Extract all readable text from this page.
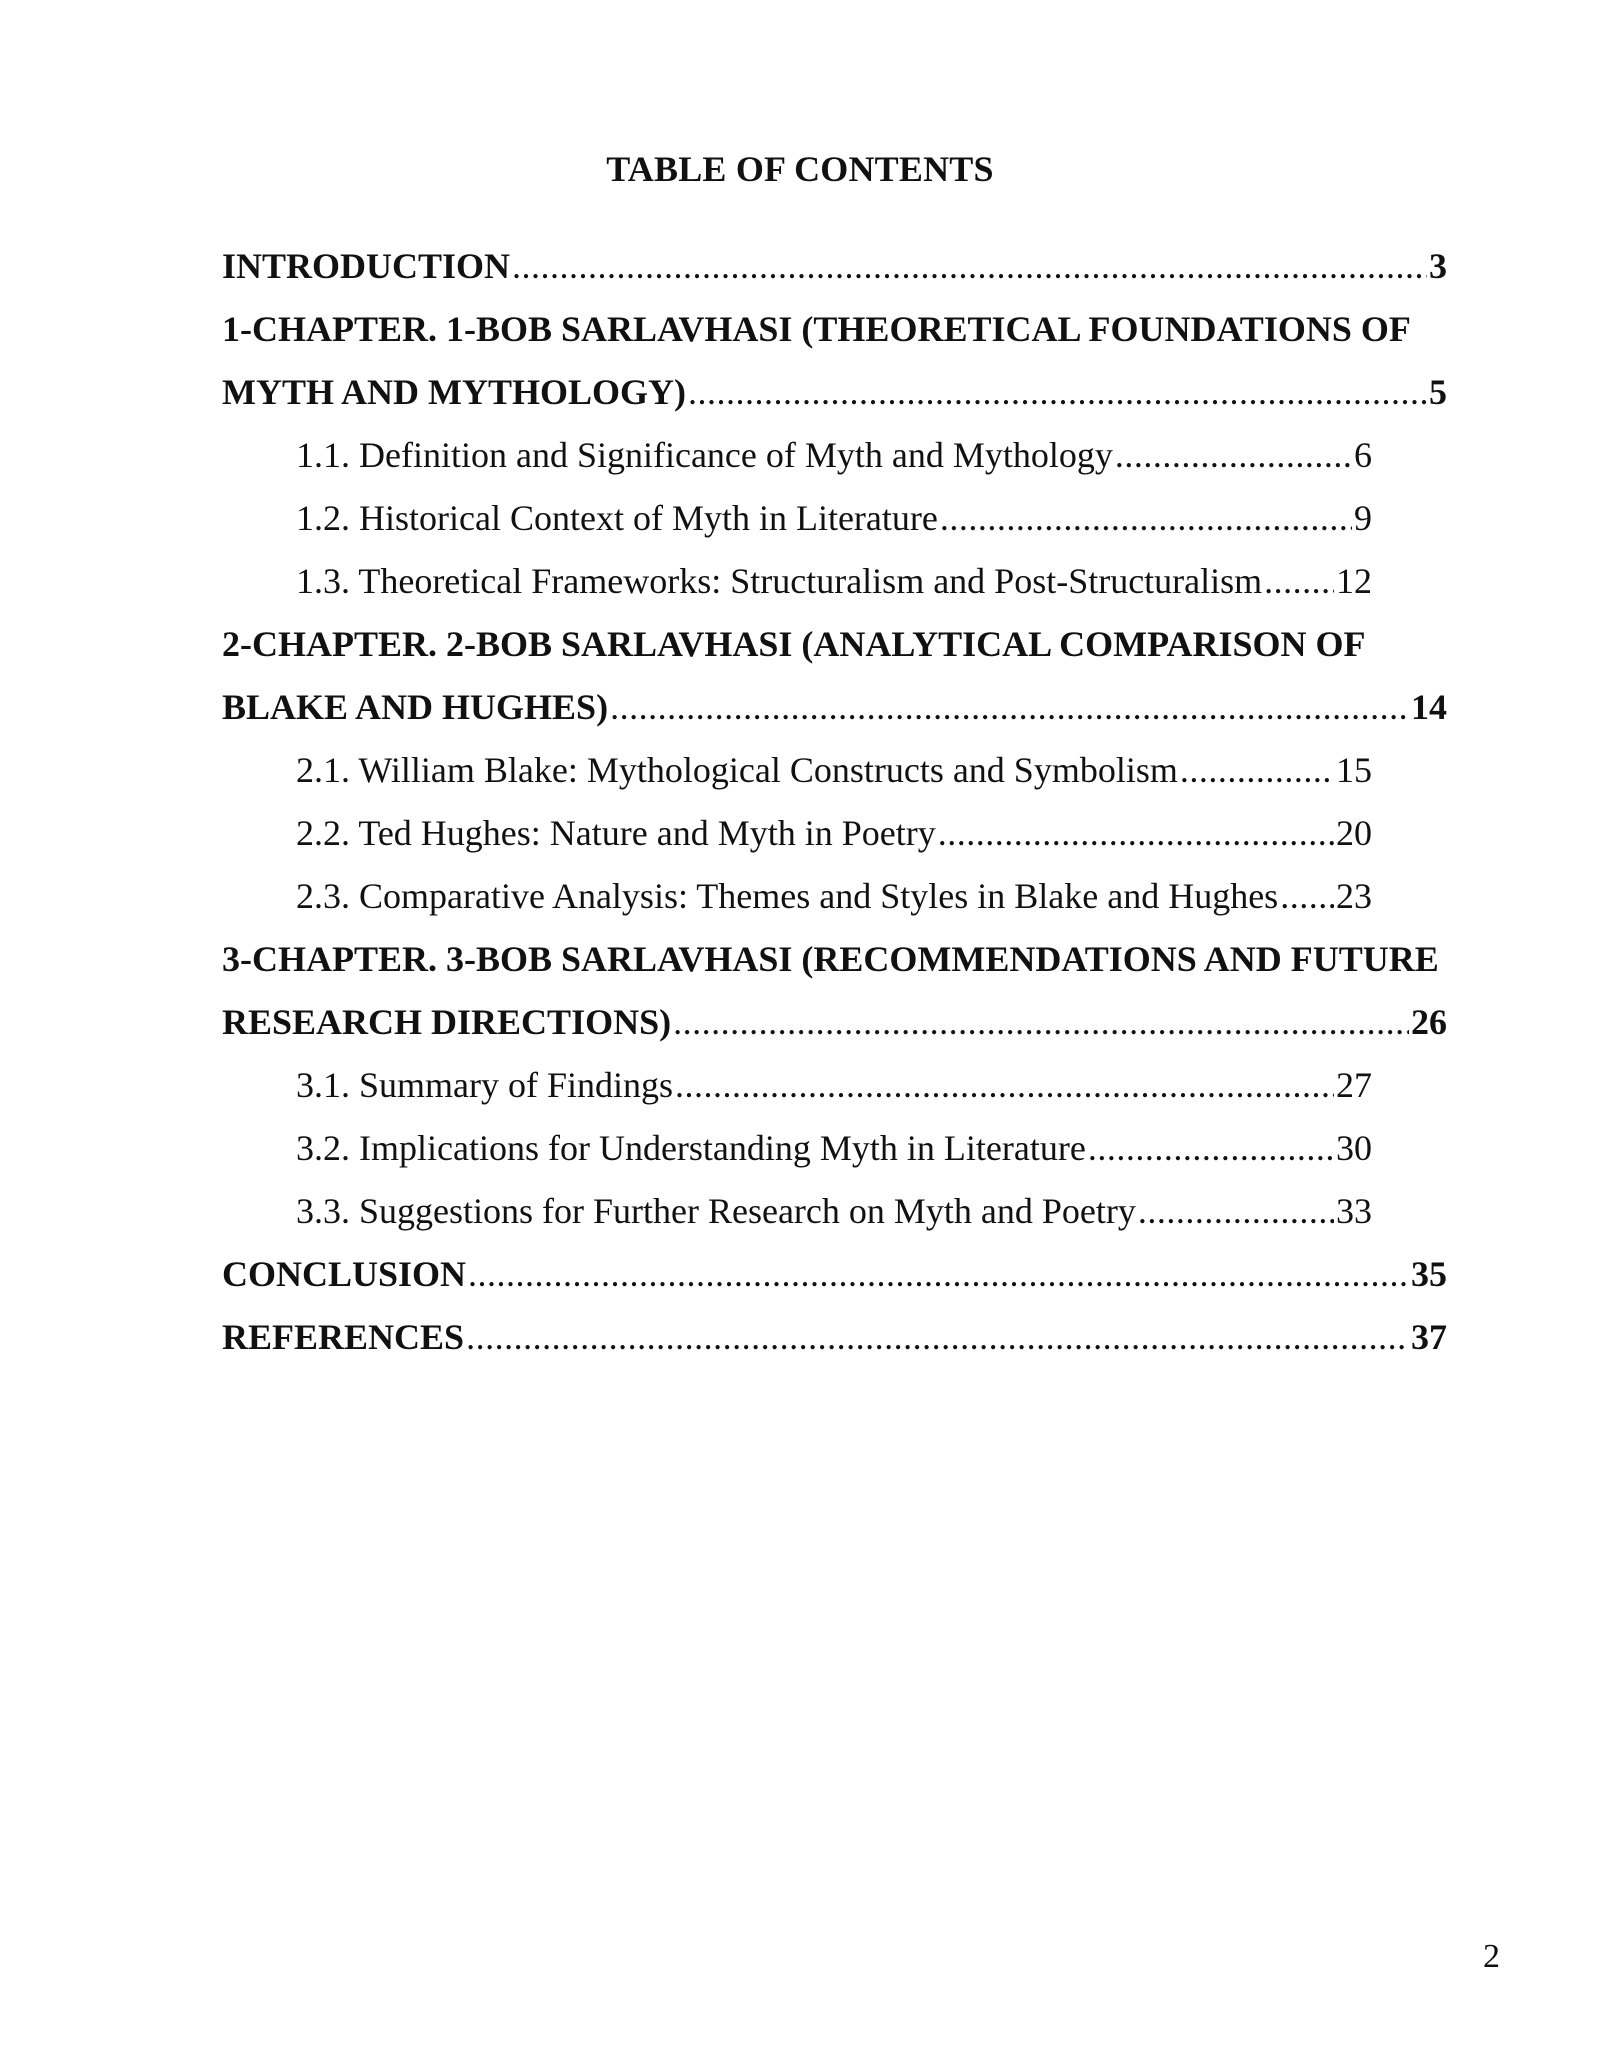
TABLE OF CONTENTS
INTRODUCTION .....	3
1-CHAPTER. 1-BOB SARLAVHASI (THEORETICAL FOUNDATIONS OF
MYTH AND MYTHOLOGY) .....	5
1.1. Definition and Significance of Myth and Mythology .....	6
1.2. Historical Context of Myth in Literature .....	9
1.3. Theoretical Frameworks: Structuralism and Post-Structuralism ..... 12
2-CHAPTER. 2-BOB SARLAVHASI (ANALYTICAL COMPARISON OF
BLAKE AND HUGHES) .....	14
2.1. William Blake: Mythological Constructs and Symbolism .....	15
2.2. Ted Hughes: Nature and Myth in Poetry .....	20
2.3. Comparative Analysis: Themes and Styles in Blake and Hughes ..... 23
3-CHAPTER. 3-BOB SARLAVHASI (RECOMMENDATIONS AND FUTURE
RESEARCH DIRECTIONS) .....	26
3.1. Summary of Findings .....	27
3.2. Implications for Understanding Myth in Literature .....	30
3.3. Suggestions for Further Research on Myth and Poetry .....	33
CONCLUSION .....	35
REFERENCES .....	37
2
